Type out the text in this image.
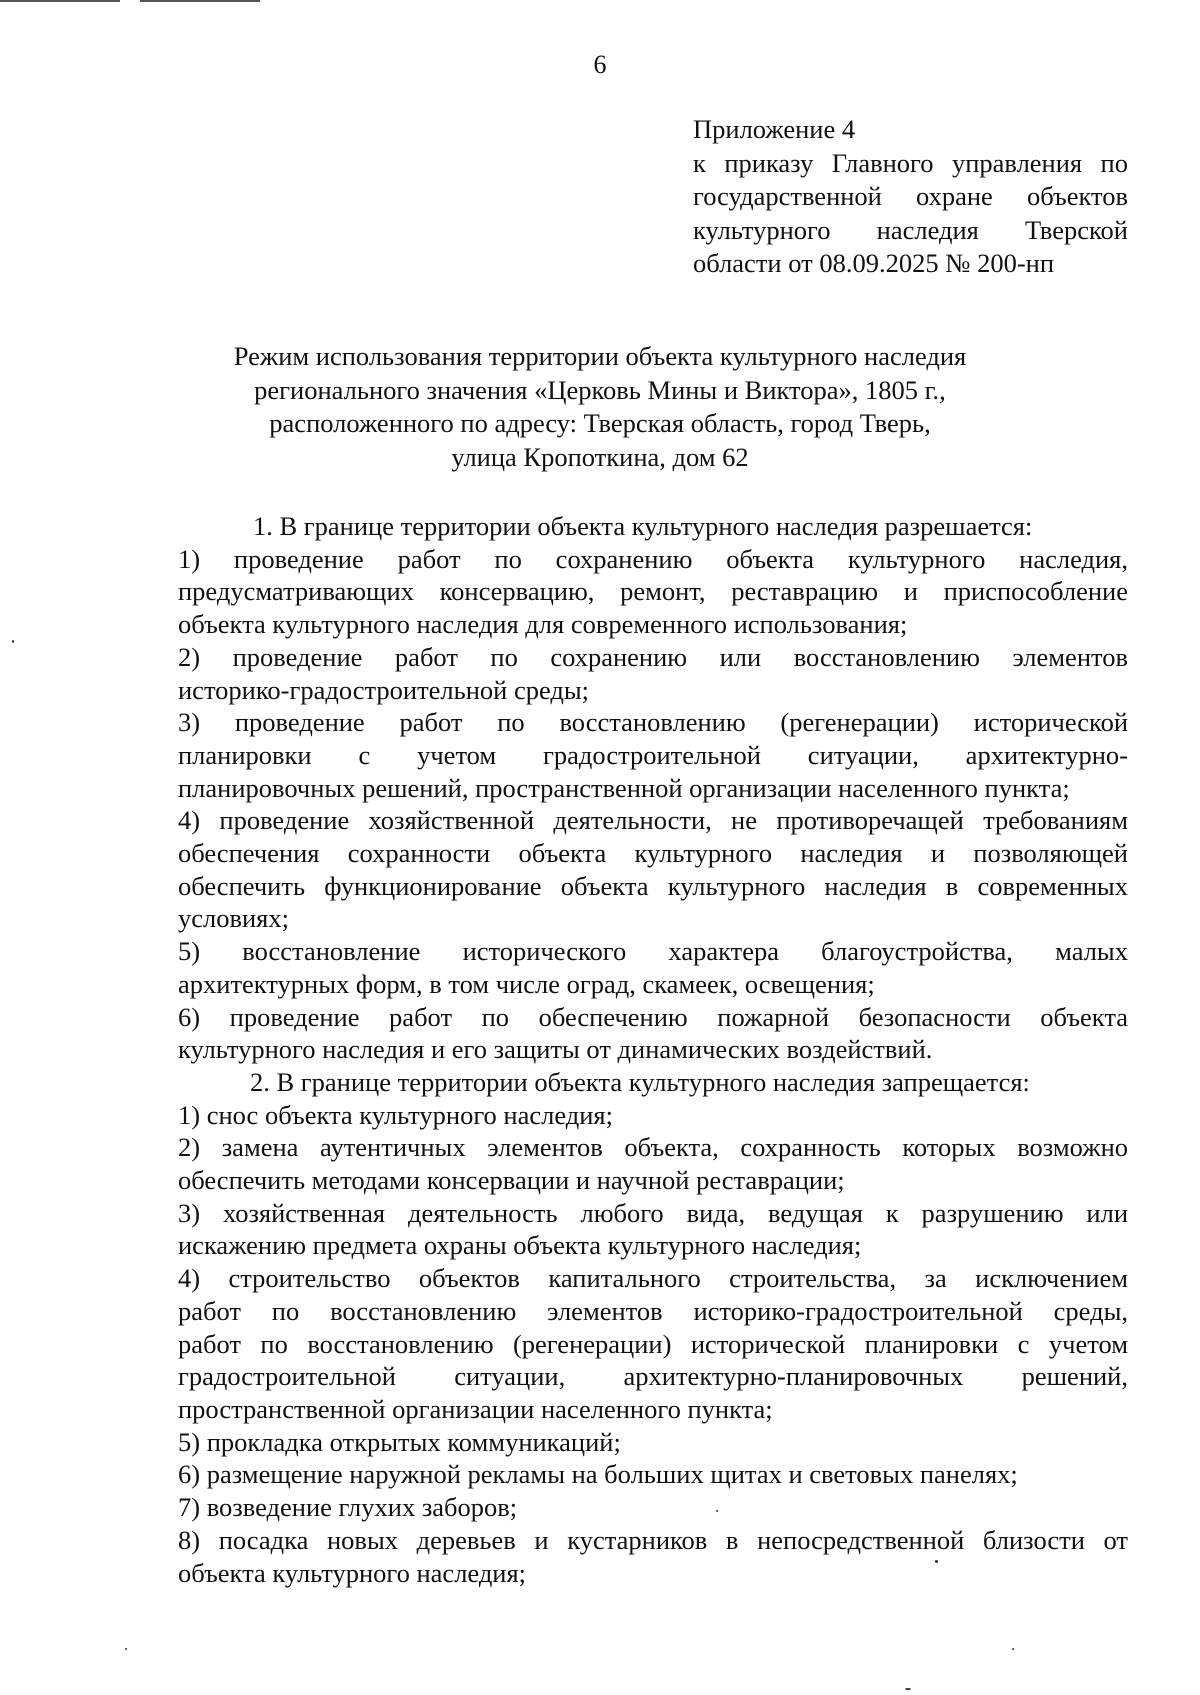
6
Приложение 4
к приказу Главного управления по
государственной охране объектов
культурного наследия Тверской
области от 08.09.2025 № 200-нп
Режим использования территории объекта культурного наследия
регионального значения «Церковь Мины и Виктора», 1805 г.,
расположенного по адресу: Тверская область, город Тверь,
улица Кропоткина, дом 62
1. В границе территории объекта культурного наследия разрешается:
1) проведение работ по сохранению объекта культурного наследия,
предусматривающих консервацию, ремонт, реставрацию и приспособление
объекта культурного наследия для современного использования;
2) проведение работ по сохранению или восстановлению элементов
историко-градостроительной среды;
3) проведение работ по восстановлению (регенерации) исторической
планировки с учетом градостроительной ситуации, архитектурно-
планировочных решений, пространственной организации населенного пункта;
4) проведение хозяйственной деятельности, не противоречащей требованиям
обеспечения сохранности объекта культурного наследия и позволяющей
обеспечить функционирование объекта культурного наследия в современных
условиях;
5) восстановление исторического характера благоустройства, малых
архитектурных форм, в том числе оград, скамеек, освещения;
6) проведение работ по обеспечению пожарной безопасности объекта
культурного наследия и его защиты от динамических воздействий.
2. В границе территории объекта культурного наследия запрещается:
1) снос объекта культурного наследия;
2) замена аутентичных элементов объекта, сохранность которых возможно
обеспечить методами консервации и научной реставрации;
3) хозяйственная деятельность любого вида, ведущая к разрушению или
искажению предмета охраны объекта культурного наследия;
4) строительство объектов капитального строительства, за исключением
работ по восстановлению элементов историко-градостроительной среды,
работ по восстановлению (регенерации) исторической планировки с учетом
градостроительной ситуации, архитектурно-планировочных решений,
пространственной организации населенного пункта;
5) прокладка открытых коммуникаций;
6) размещение наружной рекламы на больших щитах и световых панелях;
7) возведение глухих заборов;
8) посадка новых деревьев и кустарников в непосредственной близости от
объекта культурного наследия;
